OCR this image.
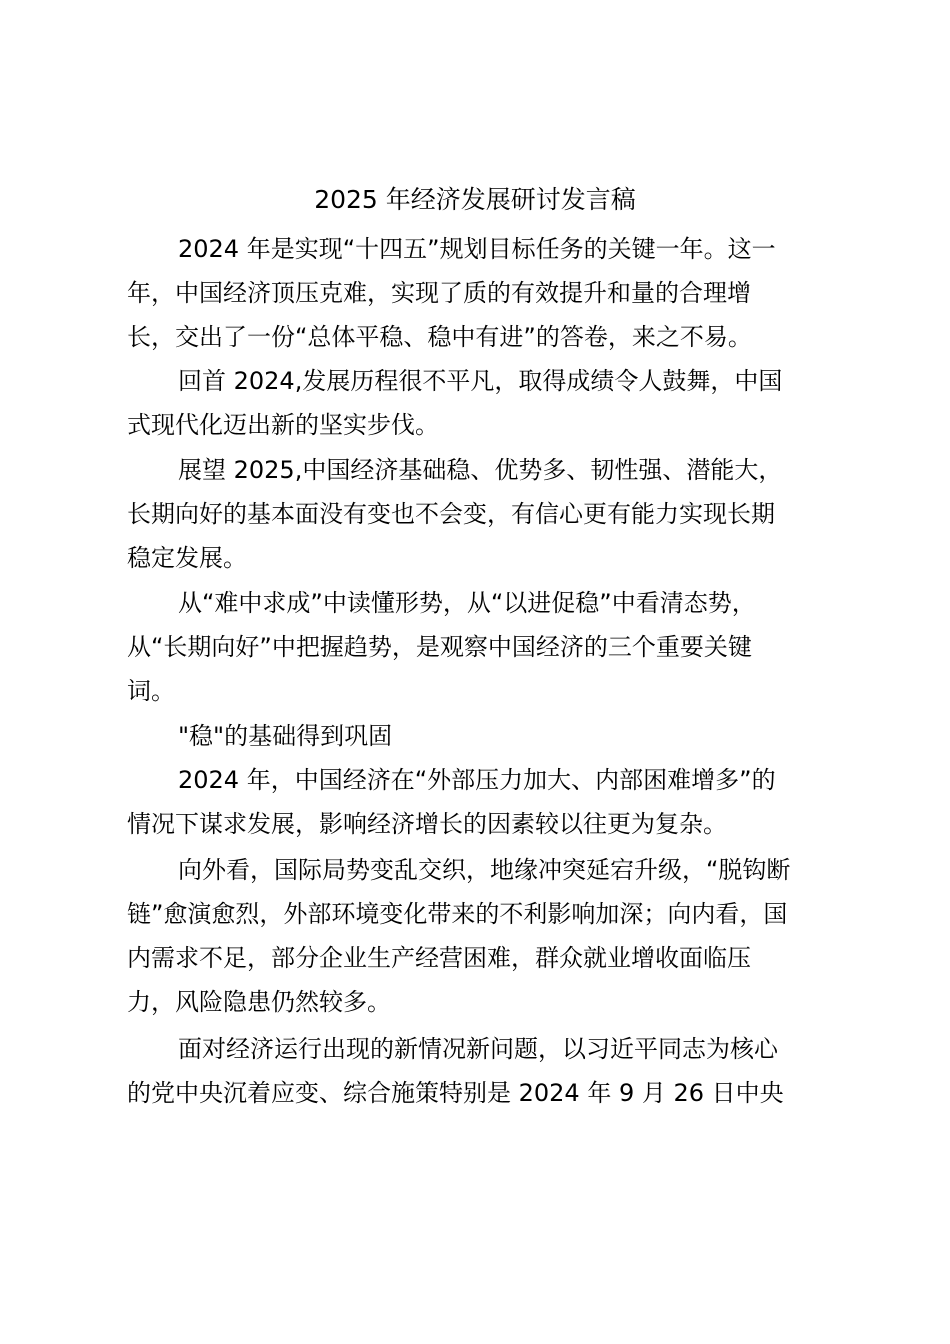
2025 年经济发展研讨发言稿

2024 年是实现“十四五”规划目标任务的关键一年。这一
年，中国经济顶压克难，实现了质的有效提升和量的合理增
长，交出了一份“总体平稳、稳中有进”的答卷，来之不易。

回首 2024,发展历程很不平凡，取得成绩令人鼓舞，中国
式现代化迈出新的坚实步伐。

展望 2025,中国经济基础稳、优势多、韧性强、潜能大，
长期向好的基本面没有变也不会变，有信心更有能力实现长期
稳定发展。

从“难中求成”中读懂形势，从“以进促稳”中看清态势，
从“长期向好”中把握趋势，是观察中国经济的三个重要关键
词。

"稳"的基础得到巩固

2024 年，中国经济在“外部压力加大、内部困难增多”的
情况下谋求发展，影响经济增长的因素较以往更为复杂。

向外看，国际局势变乱交织，地缘冲突延宕升级，“脱钩断
链”愈演愈烈，外部环境变化带来的不利影响加深；向内看，国
内需求不足，部分企业生产经营困难，群众就业增收面临压
力，风险隐患仍然较多。

面对经济运行出现的新情况新问题，以习近平同志为核心
的党中央沉着应变、综合施策特别是 2024 年 9 月 26 日中央
